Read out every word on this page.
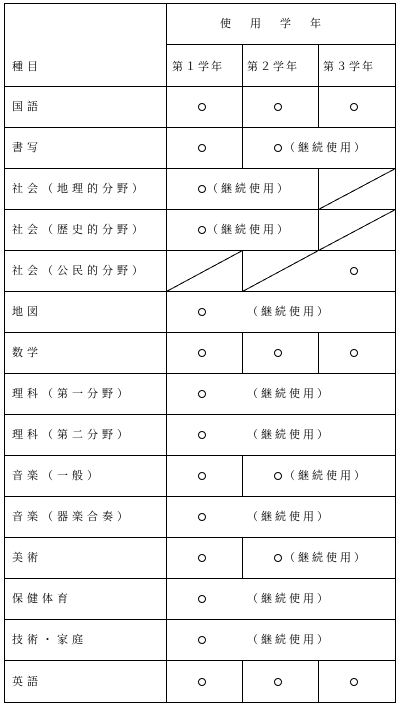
使　用　学　年
種目	第１学年 第２学年 第３学年
国語
書写
社会（地理的分野）
社会（歴史的分野）
社会（公民的分野）
地図
数学
理科（第一分野）
理科（第二分野）
音楽（一般）
音楽（器楽合奏）
美術
保健体育
技術・家庭
英語
（継続使用）
（継続使用）
（継続使用）
（継続使用）
（継続使用）
（継続使用）
（継続使用）
（継続使用）
（継続使用）
（継続使用）
（継続使用）
